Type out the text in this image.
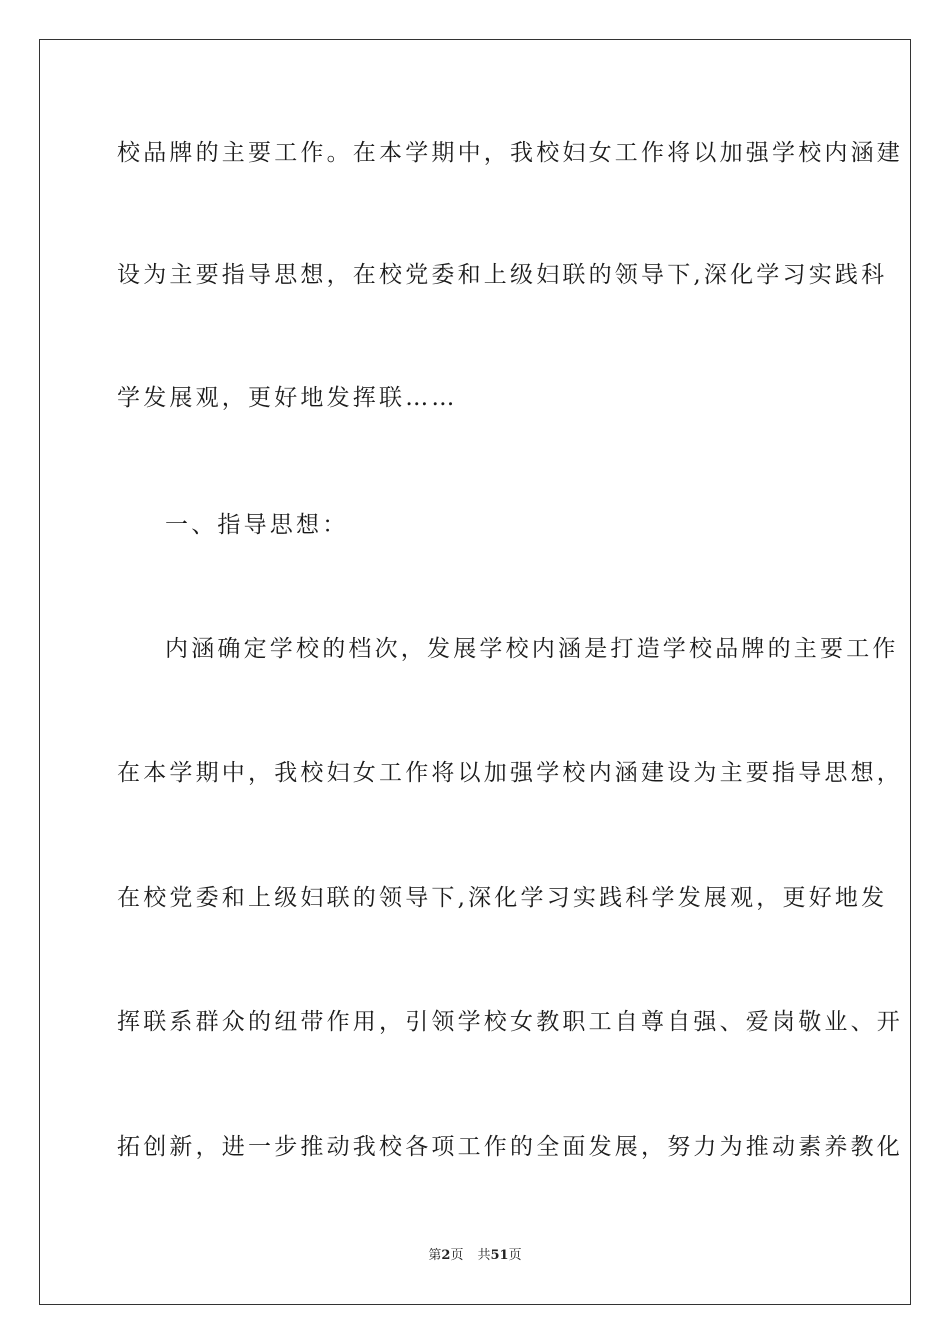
校品牌的主要工作。在本学期中，我校妇女工作将以加强学校内涵建
设为主要指导思想，在校党委和上级妇联的领导下,深化学习实践科
学发展观，更好地发挥联……
一、指导思想：
内涵确定学校的档次，发展学校内涵是打造学校品牌的主要工作
在本学期中，我校妇女工作将以加强学校内涵建设为主要指导思想，
在校党委和上级妇联的领导下,深化学习实践科学发展观，更好地发
挥联系群众的纽带作用，引领学校女教职工自尊自强、爱岗敬业、开
拓创新，进一步推动我校各项工作的全面发展，努力为推动素养教化
第2页 共51页
